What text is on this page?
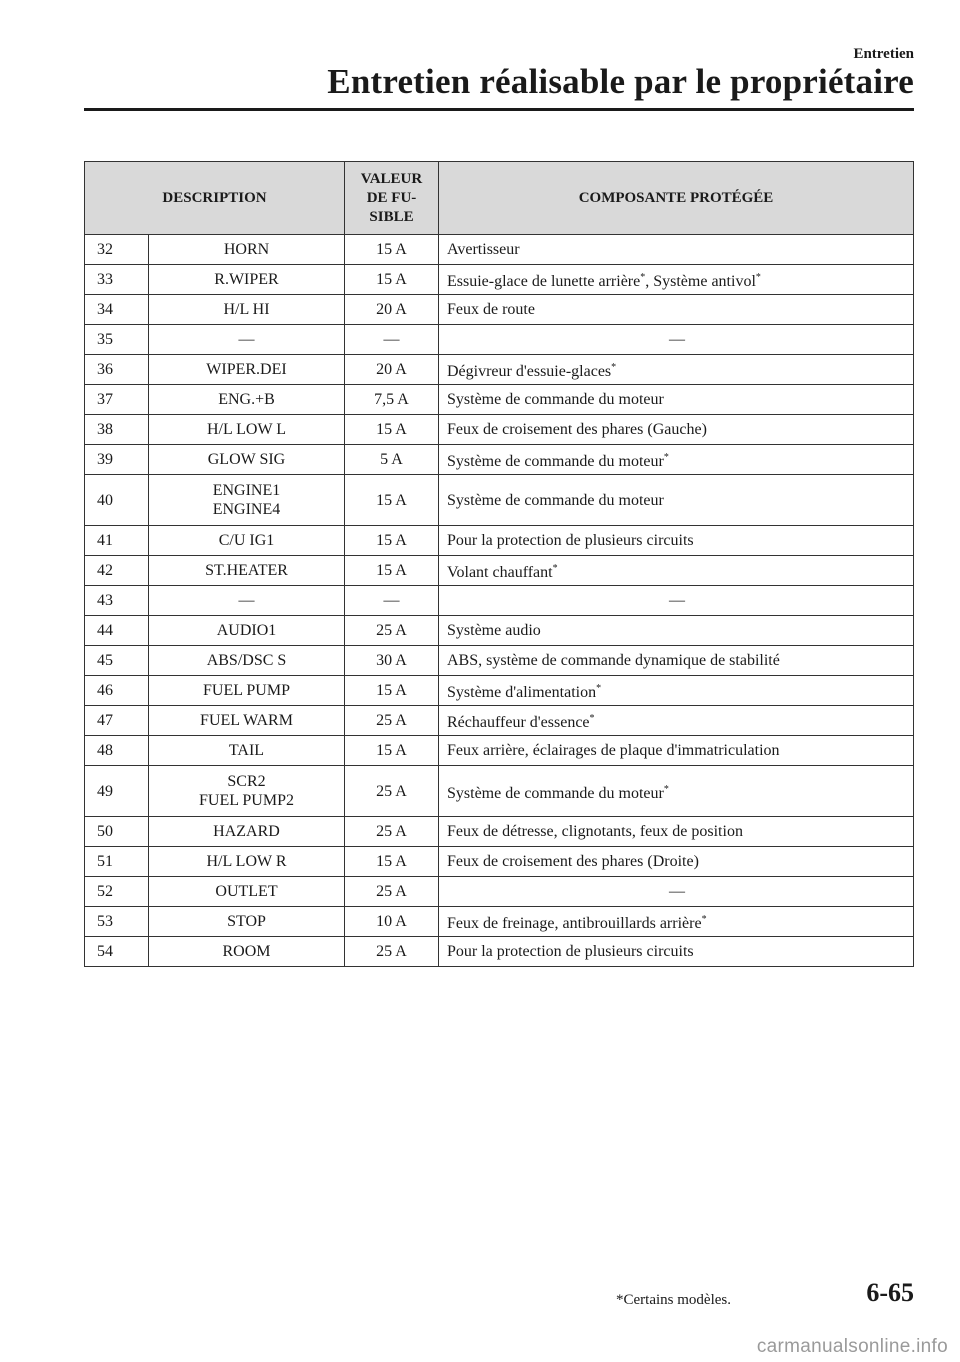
Entretien
Entretien réalisable par le propriétaire
DESCRIPTION		VALEUR
DE FU-
SIBLE	COMPOSANTE PROTÉGÉE
32	HORN	15 A	Avertisseur
33	R.WIPER	15 A	Essuie-glace de lunette arrière*, Système antivol*
34	H/L HI	20 A	Feux de route
35	―	―	―
36	WIPER.DEI	20 A	Dégivreur d'essuie-glaces*
37	ENG.+B	7,5 A	Système de commande du moteur
38	H/L LOW L	15 A	Feux de croisement des phares (Gauche)
39	GLOW SIG	5 A	Système de commande du moteur*
40	ENGINE1
ENGINE4	15 A	Système de commande du moteur
41	C/U IG1	15 A	Pour la protection de plusieurs circuits
42	ST.HEATER	15 A	Volant chauffant*
43	―	―	―
44	AUDIO1	25 A	Système audio
45	ABS/DSC S	30 A	ABS, système de commande dynamique de stabilité
46	FUEL PUMP	15 A	Système d'alimentation*
47	FUEL WARM	25 A	Réchauffeur d'essence*
48	TAIL	15 A	Feux arrière, éclairages de plaque d'immatriculation
49	SCR2
FUEL PUMP2	25 A	Système de commande du moteur*
50	HAZARD	25 A	Feux de détresse, clignotants, feux de position
51	H/L LOW R	15 A	Feux de croisement des phares (Droite)
52	OUTLET	25 A	―
53	STOP	10 A	Feux de freinage, antibrouillards arrière*
54	ROOM	25 A	Pour la protection de plusieurs circuits
*Certains modèles.	6-65
carmanualsonline.info
